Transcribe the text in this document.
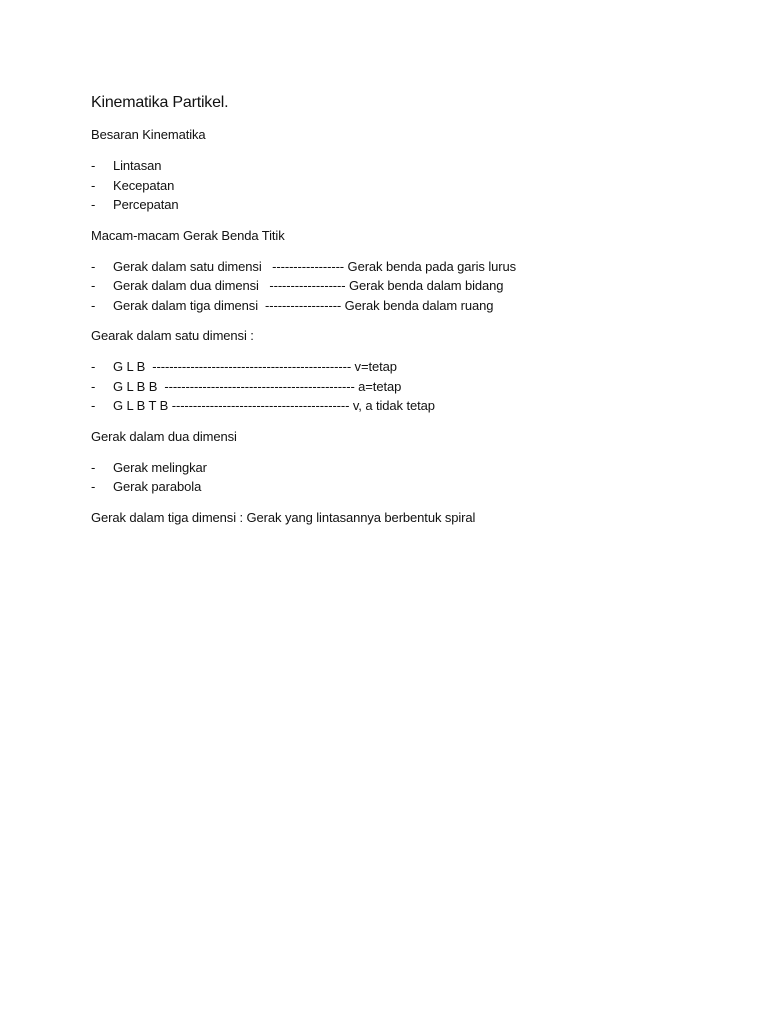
Kinematika Partikel.
Besaran Kinematika
-	Lintasan
-	Kecepatan
-	Percepatan
Macam-macam Gerak Benda Titik
-	Gerak dalam satu dimensi   ----------------- Gerak benda pada garis lurus
-	Gerak dalam dua dimensi   ------------------ Gerak benda dalam bidang
-	Gerak dalam tiga dimensi  ------------------ Gerak benda dalam ruang
Gearak dalam satu dimensi :
-	G L B  ----------------------------------------------- v=tetap
-	G L B B  --------------------------------------------- a=tetap
-	G L B T B ------------------------------------------ v, a tidak tetap
Gerak dalam dua dimensi
-	Gerak melingkar
-	Gerak parabola

Gerak dalam tiga dimensi : Gerak yang lintasannya berbentuk spiral
